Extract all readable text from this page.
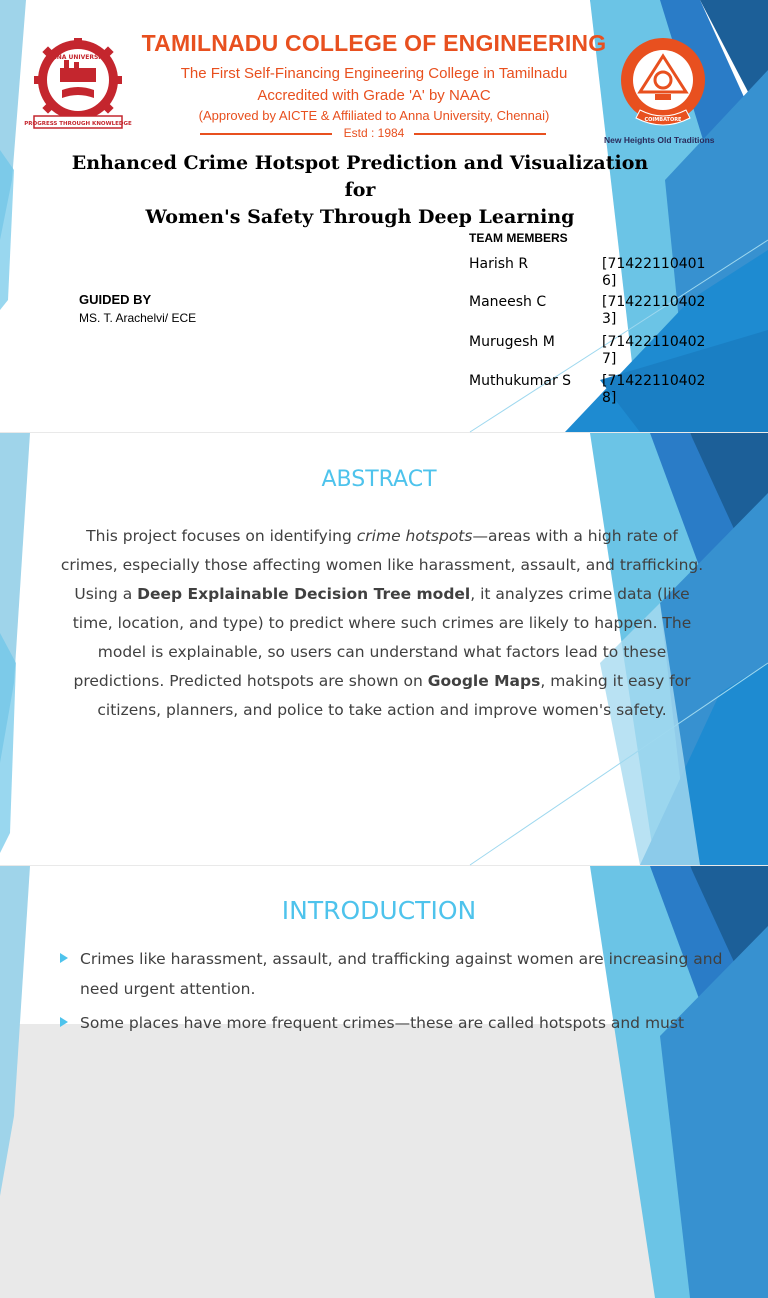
ANNA UNIVERSITY
PROGRESS THROUGH KNOWLEDGE
TAMILNADU COLLEGE OF ENGINEERING
The First Self-Financing Engineering College in Tamilnadu
Accredited with Grade 'A' by NAAC
(Approved by AICTE & Affiliated to Anna University, Chennai)
Estd : 1984
COIMBATORE
New Heights Old Traditions
Enhanced Crime Hotspot Prediction and Visualization for
Women's Safety Through Deep Learning
GUIDED BY
MS. T. Arachelvi/ ECE
TEAM MEMBERS
Harish R	[714221104016]
Maneesh C	[714221104023]
Murugesh M	[714221104027]
Muthukumar S [714221104028]
ABSTRACT
This project focuses on identifying crime hotspots—areas with a high rate of crimes, especially those affecting women like harassment, assault, and trafficking. Using a Deep Explainable Decision Tree model, it analyzes crime data (like time, location, and type) to predict where such crimes are likely to happen. The model is explainable, so users can understand what factors lead to these predictions. Predicted hotspots are shown on Google Maps, making it easy for citizens, planners, and police to take action and improve women's safety.
INTRODUCTION
Crimes like harassment, assault, and trafficking against women are increasing and need urgent attention.
Some places have more frequent crimes—these are called hotspots and must
